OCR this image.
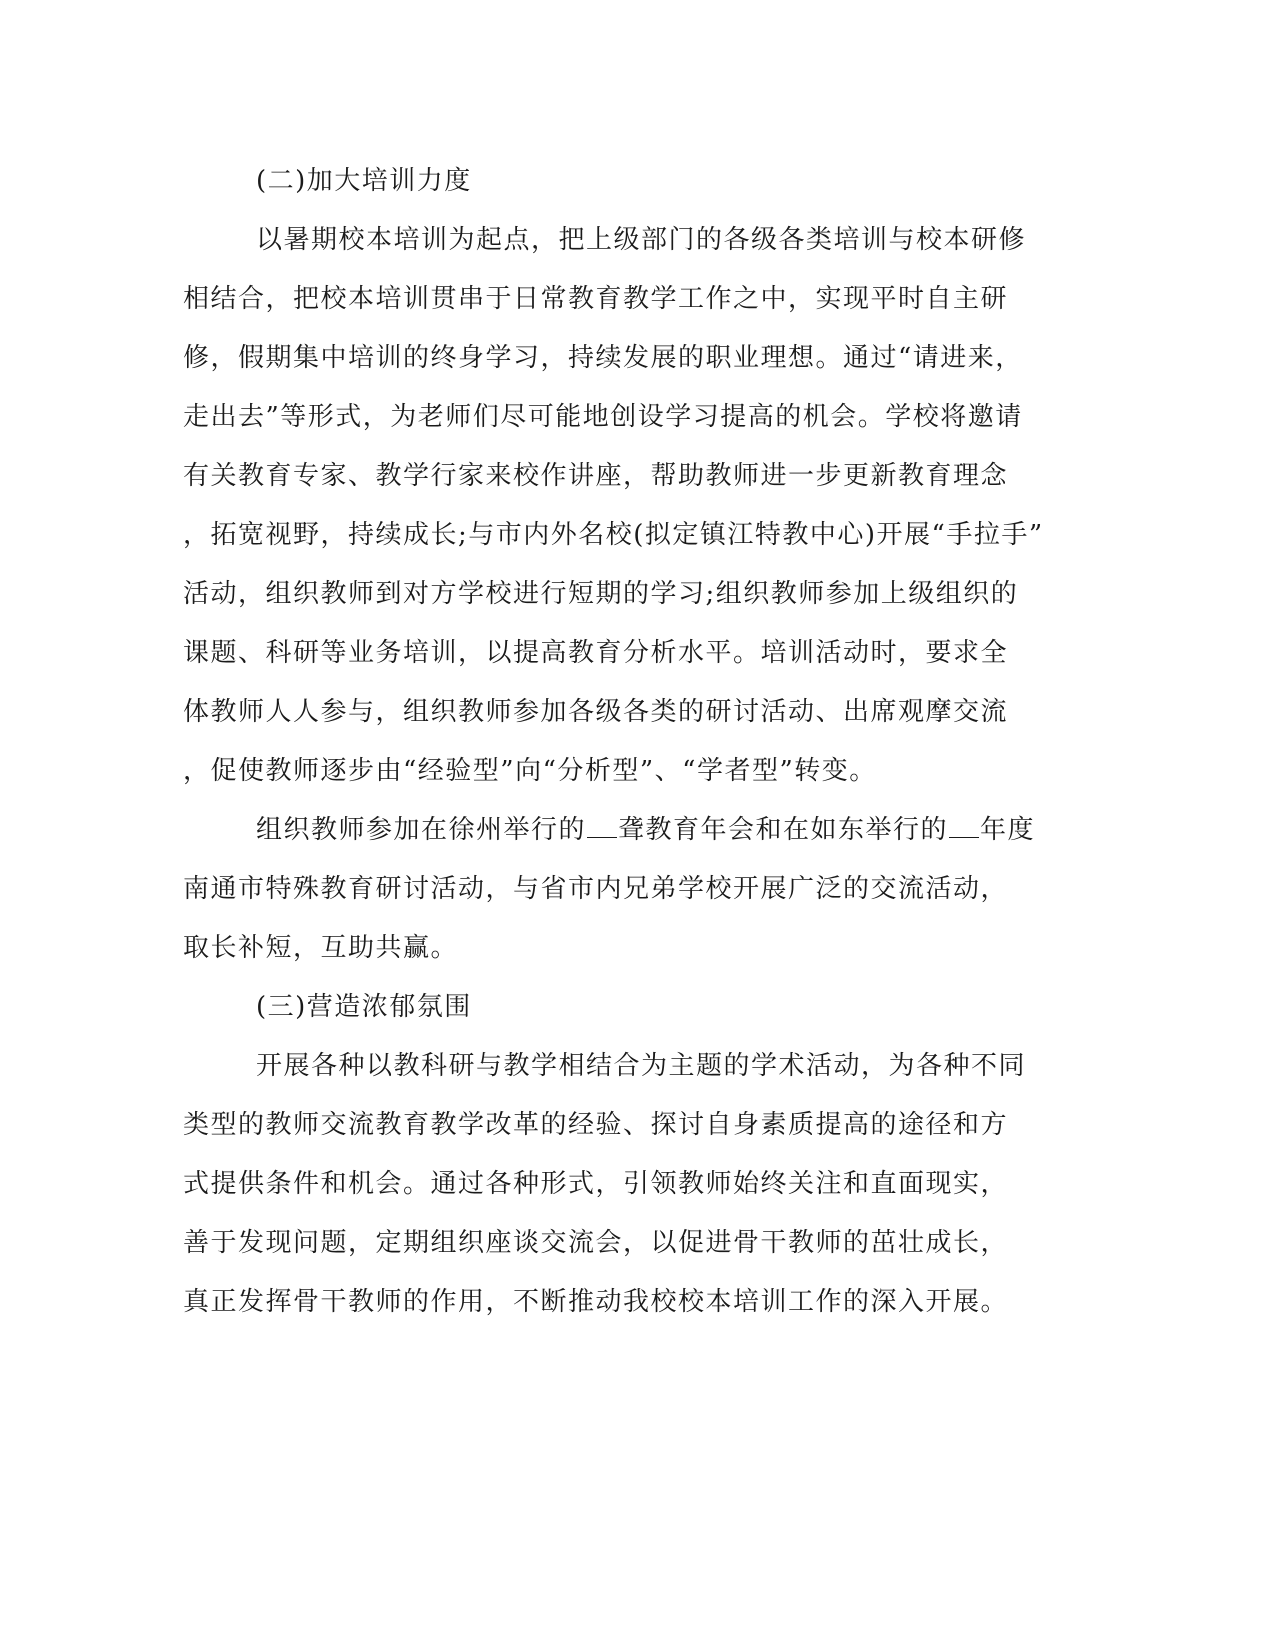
(二)加大培训力度
以暑期校本培训为起点，把上级部门的各级各类培训与校本研修
相结合，把校本培训贯串于日常教育教学工作之中，实现平时自主研
修，假期集中培训的终身学习，持续发展的职业理想。通过“请进来，
走出去”等形式，为老师们尽可能地创设学习提高的机会。学校将邀请
有关教育专家、教学行家来校作讲座，帮助教师进一步更新教育理念
，拓宽视野，持续成长;与市内外名校(拟定镇江特教中心)开展“手拉手”
活动，组织教师到对方学校进行短期的学习;组织教师参加上级组织的
课题、科研等业务培训，以提高教育分析水平。培训活动时，要求全
体教师人人参与，组织教师参加各级各类的研讨活动、出席观摩交流
，促使教师逐步由“经验型”向“分析型”、“学者型”转变。
组织教师参加在徐州举行的 聋教育年会和在如东举行的 年度
南通市特殊教育研讨活动，与省市内兄弟学校开展广泛的交流活动，
取长补短，互助共赢。
(三)营造浓郁氛围
开展各种以教科研与教学相结合为主题的学术活动，为各种不同
类型的教师交流教育教学改革的经验、探讨自身素质提高的途径和方
式提供条件和机会。通过各种形式，引领教师始终关注和直面现实，
善于发现问题，定期组织座谈交流会，以促进骨干教师的茁壮成长，
真正发挥骨干教师的作用，不断推动我校校本培训工作的深入开展。
